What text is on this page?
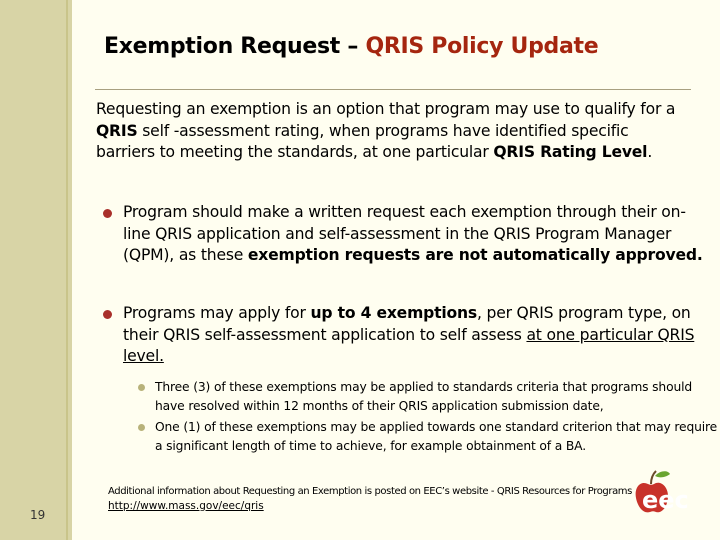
Exemption Request – QRIS Policy Update
Requesting an exemption is an option that program may use to qualify for a QRIS self -assessment rating, when programs have identified specific barriers to meeting the standards, at one particular QRIS Rating Level.
Program should make a written request each exemption through their on-line QRIS application and self-assessment in the QRIS Program Manager (QPM), as these exemption requests are not automatically approved.
Programs may apply for up to 4 exemptions, per QRIS program type, on their QRIS self-assessment application to self assess at one particular QRIS level.
Three (3) of these exemptions may be applied to standards criteria that programs should have resolved within 12 months of their QRIS application submission date,
One (1) of these exemptions may be applied towards one standard criterion that may require a significant length of time to achieve, for example obtainment of a BA.
Additional information about Requesting an Exemption is posted on EEC’s website - QRIS Resources for Programs
http://www.mass.gov/eec/qris
19
eec
